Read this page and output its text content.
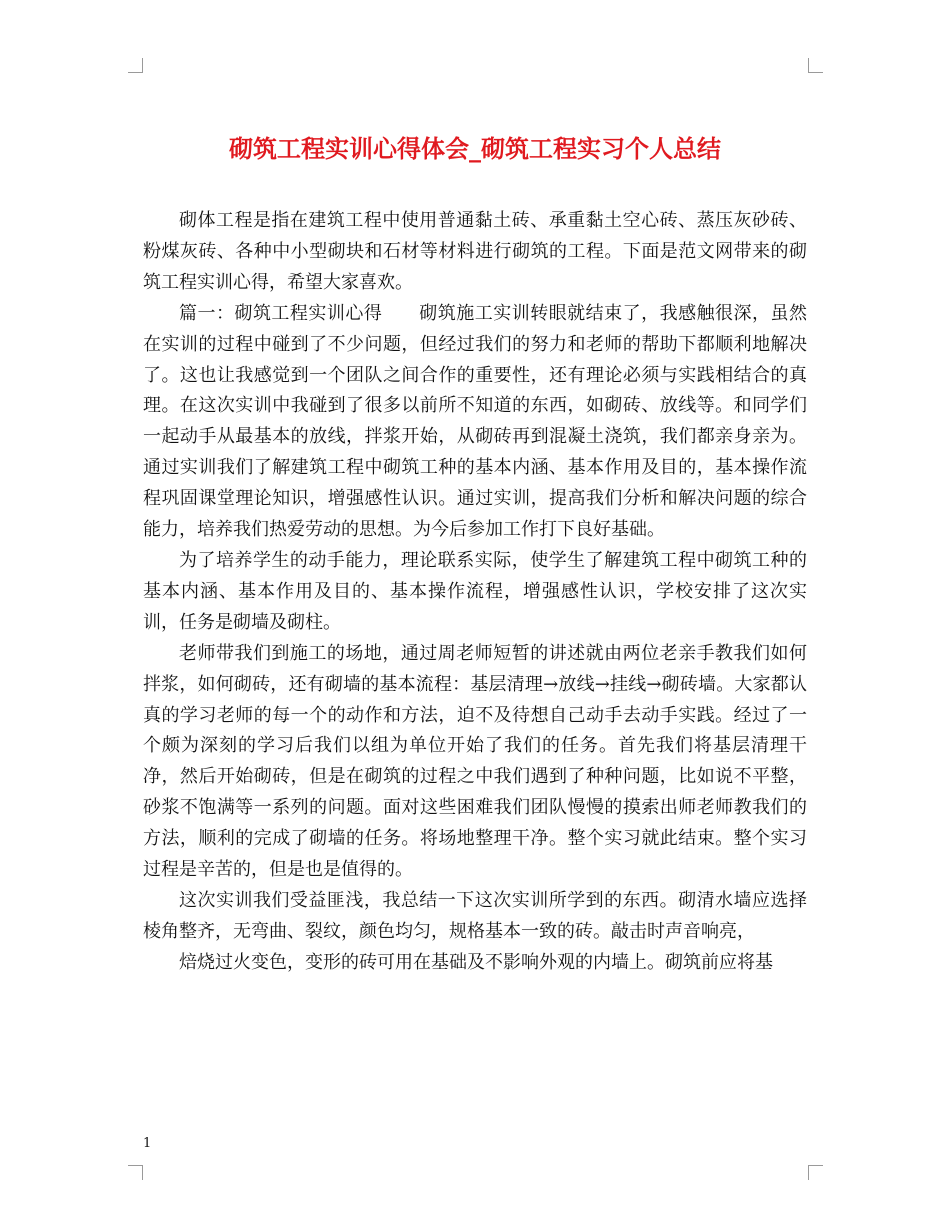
砌筑工程实训心得体会_砌筑工程实习个人总结

砌体工程是指在建筑工程中使用普通黏土砖、承重黏土空心砖、蒸压灰砂砖、粉煤灰砖、各种中小型砌块和石材等材料进行砌筑的工程。下面是范文网带来的砌筑工程实训心得，希望大家喜欢。

篇一：砌筑工程实训心得　　砌筑施工实训转眼就结束了，我感触很深，虽然在实训的过程中碰到了不少问题，但经过我们的努力和老师的帮助下都顺利地解决了。这也让我感觉到一个团队之间合作的重要性，还有理论必须与实践相结合的真理。在这次实训中我碰到了很多以前所不知道的东西，如砌砖、放线等。和同学们一起动手从最基本的放线，拌浆开始，从砌砖再到混凝土浇筑，我们都亲身亲为。通过实训我们了解建筑工程中砌筑工种的基本内涵、基本作用及目的，基本操作流程巩固课堂理论知识，增强感性认识。通过实训，提高我们分析和解决问题的综合能力，培养我们热爱劳动的思想。为今后参加工作打下良好基础。

为了培养学生的动手能力，理论联系实际，使学生了解建筑工程中砌筑工种的基本内涵、基本作用及目的、基本操作流程，增强感性认识，学校安排了这次实训，任务是砌墙及砌柱。

老师带我们到施工的场地，通过周老师短暂的讲述就由两位老亲手教我们如何拌浆，如何砌砖，还有砌墙的基本流程：基层清理→放线→挂线→砌砖墙。大家都认真的学习老师的每一个的动作和方法，迫不及待想自己动手去动手实践。经过了一个颇为深刻的学习后我们以组为单位开始了我们的任务。首先我们将基层清理干净，然后开始砌砖，但是在砌筑的过程之中我们遇到了种种问题，比如说不平整，砂浆不饱满等一系列的问题。面对这些困难我们团队慢慢的摸索出师老师教我们的方法，顺利的完成了砌墙的任务。将场地整理干净。整个实习就此结束。整个实习过程是辛苦的，但是也是值得的。

这次实训我们受益匪浅，我总结一下这次实训所学到的东西。砌清水墙应选择棱角整齐，无弯曲、裂纹，颜色均匀，规格基本一致的砖。敲击时声音响亮，

焙烧过火变色，变形的砖可用在基础及不影响外观的内墙上。砌筑前应将基

1
